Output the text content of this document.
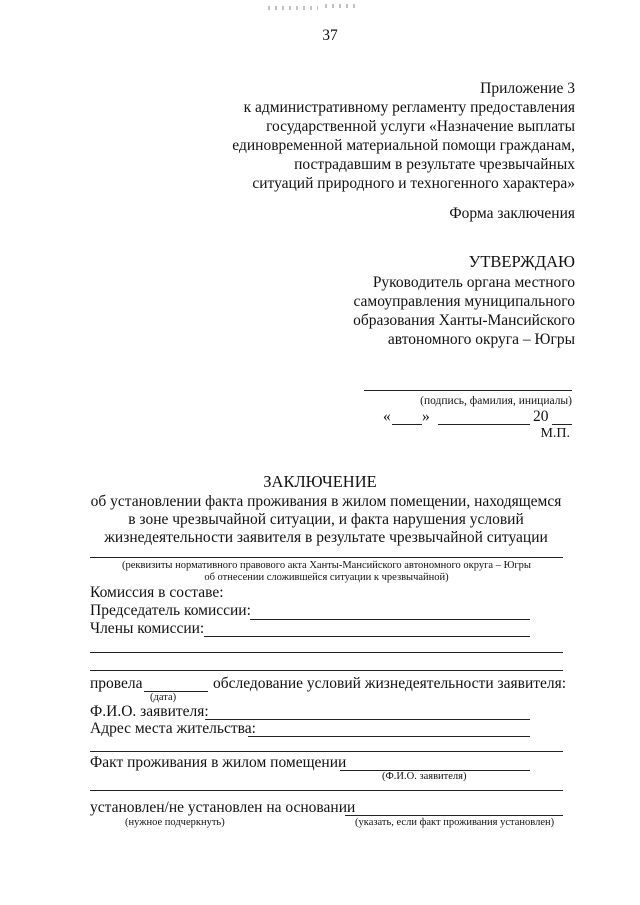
37
Приложение 3
к административному регламенту предоставления
государственной услуги «Назначение выплаты
единовременной материальной помощи гражданам,
пострадавшим в результате чрезвычайных
ситуаций природного и техногенного характера»
Форма заключения
УТВЕРЖДАЮ
Руководитель органа местного
самоуправления муниципального
образования Ханты-Мансийского
автономного округа – Югры
(подпись, фамилия, инициалы)
« »	20
М.П.
ЗАКЛЮЧЕНИЕ
об установлении факта проживания в жилом помещении, находящемся
в зоне чрезвычайной ситуации, и факта нарушения условий
жизнедеятельности заявителя в результате чрезвычайной ситуации
(реквизиты нормативного правового акта Ханты-Мансийского автономного округа – Югры
об отнесении сложившейся ситуации к чрезвычайной)
Комиссия в составе:
Председатель комиссии:
Члены комиссии:
провела	обследование условий жизнедеятельности заявителя:
(дата)
Ф.И.О. заявителя:
Адрес места жительства:
Факт проживания в жилом помещении
(Ф.И.О. заявителя)
установлен/не установлен на основании
(нужное подчеркнуть)	(указать, если факт проживания установлен)
